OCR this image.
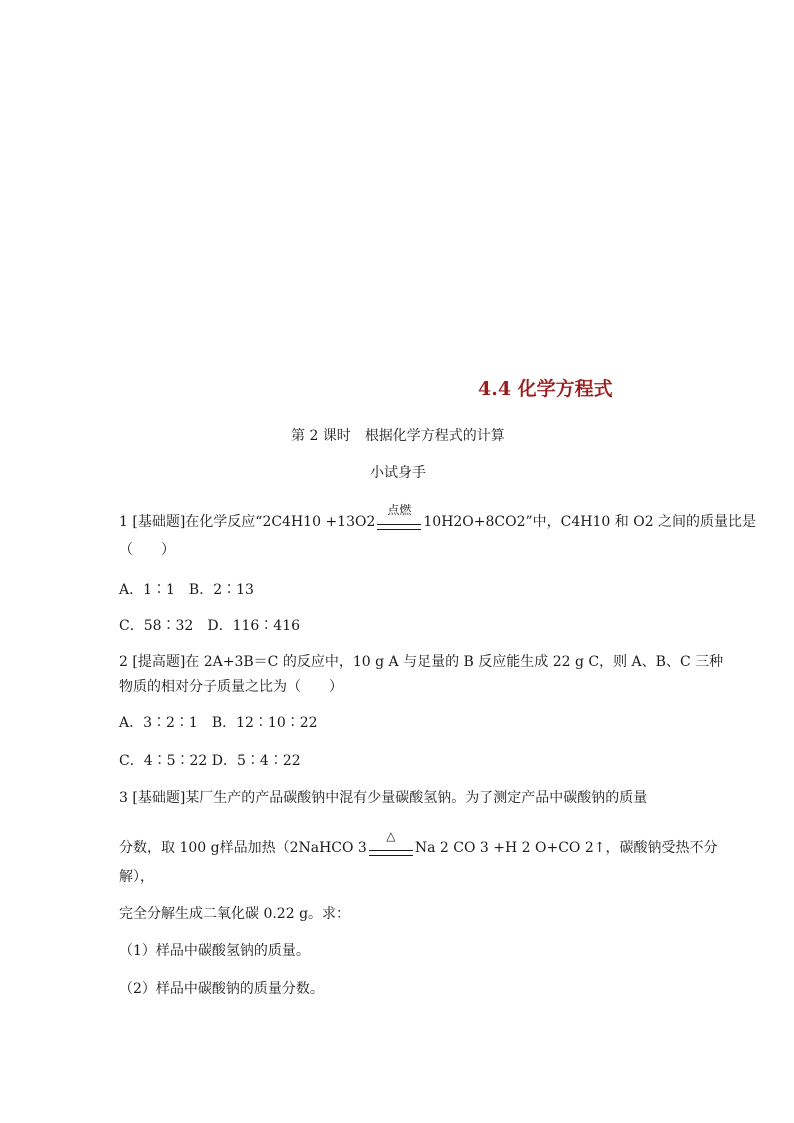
4.4 化学方程式
第 2 课时 根据化学方程式的计算
小试身手
1 [基础题]在化学反应“2C4H10 +13O2
点燃
10H2O+8CO2”中，C4H10 和 O2 之间的质量比是
（　　）
A．1∶1　B．2∶13
C．58∶32　D．116∶416
2 [提高题]在 2A+3B＝C 的反应中，10 g A 与足量的 B 反应能生成 22 g C，则 A、B、C 三种
物质的相对分子质量之比为（　　）
A．3∶2∶1　B．12∶10∶22
C．4∶5∶22 D．5∶4∶22
3 [基础题]某厂生产的产品碳酸钠中混有少量碳酸氢钠。为了测定产品中碳酸钠的质量
分数，取 100 g样品加热（2NaHCO 3
△
Na 2 CO 3 +H 2 O+CO 2↑，碳酸钠受热不分
解），
完全分解生成二氧化碳 0.22 g。求：
（1）样品中碳酸氢钠的质量。
（2）样品中碳酸钠的质量分数。
